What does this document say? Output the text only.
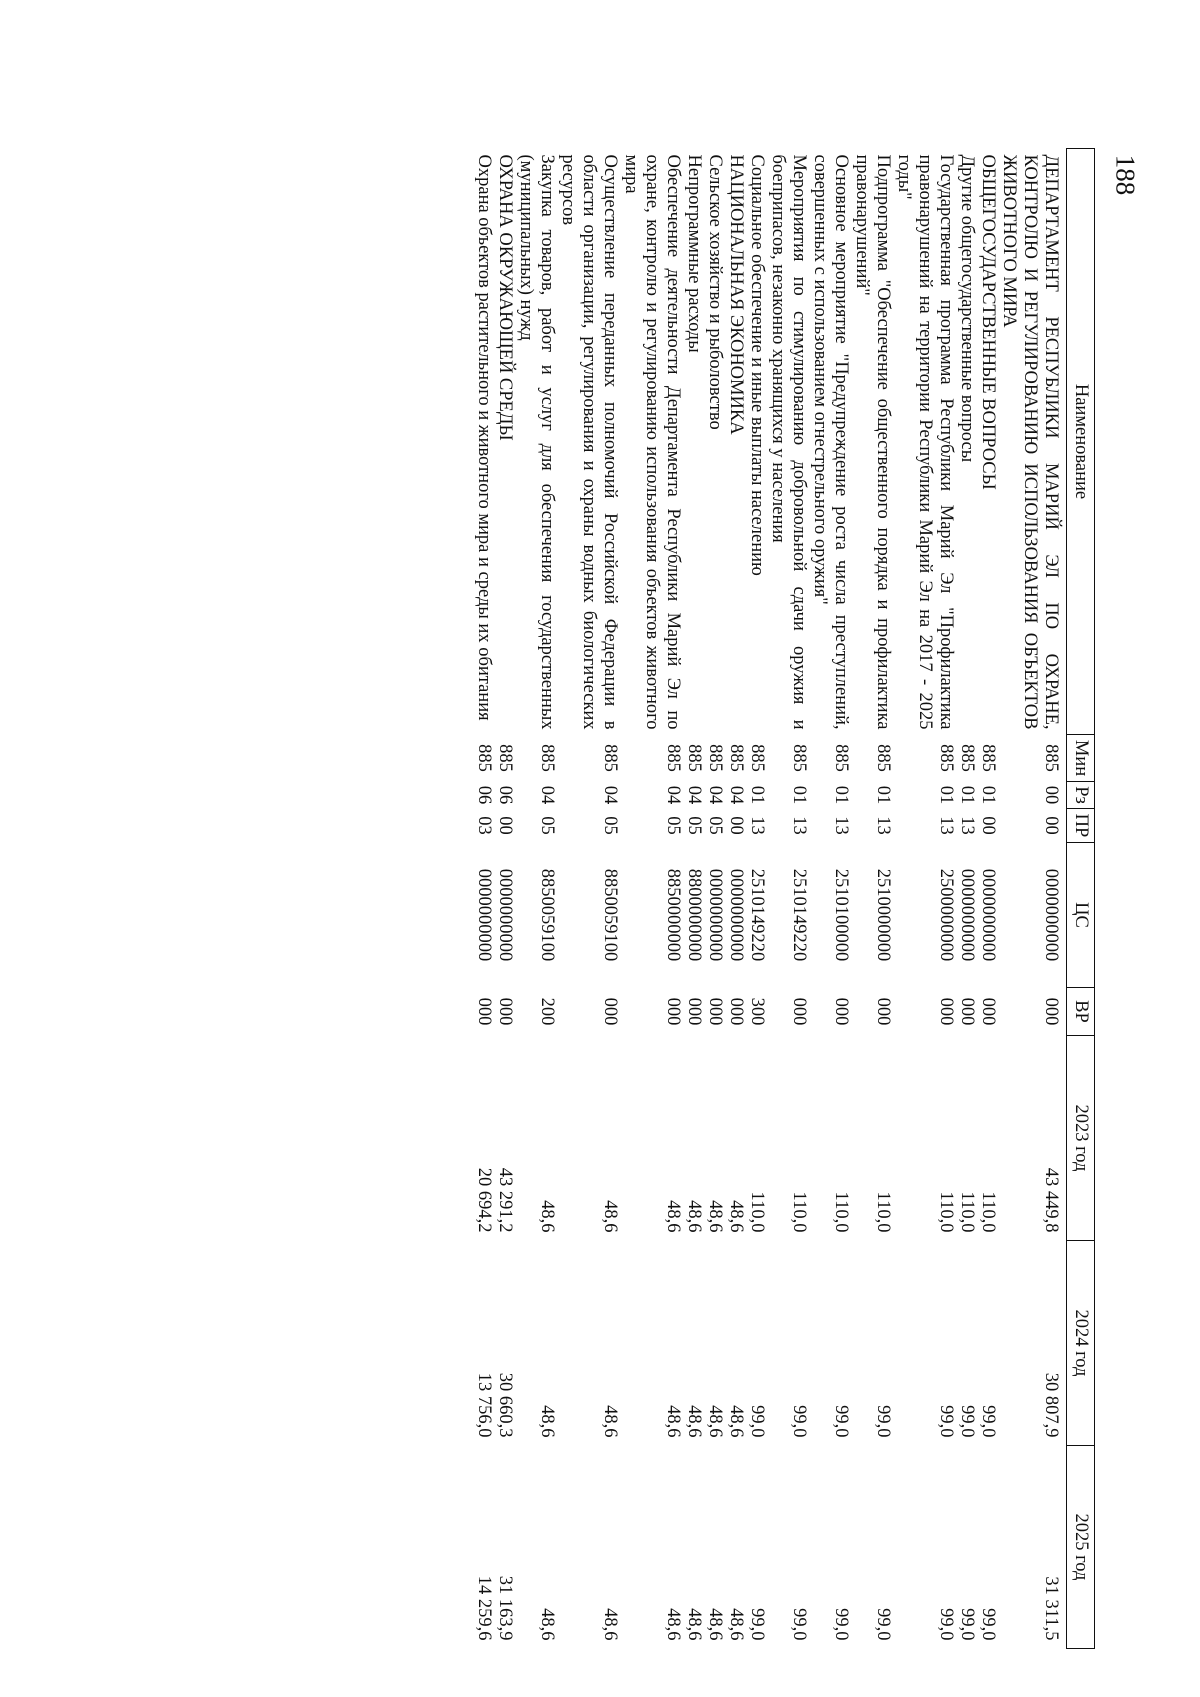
188
Наименование	Мин	Рз	ПР	ЦС	ВР	2023 год	2024 год	2025 год
ДЕПАРТАМЕНТ РЕСПУБЛИКИ МАРИЙ ЭЛ ПО ОХРАНЕ, КОНТРОЛЮ И РЕГУЛИРОВАНИЮ ИСПОЛЬЗОВАНИЯ ОБЪЕКТОВ ЖИВОТНОГО МИРА	885	00	00	0000000000	000	43 449,8	30 807,9	31 311,5
ОБЩЕГОСУДАРСТВЕННЫЕ ВОПРОСЫ	885	01	00	0000000000	000	110,0	99,0	99,0
Другие общегосударственные вопросы	885	01	13	0000000000	000	110,0	99,0	99,0
Государственная программа Республики Марий Эл "Профилактика правонарушений на территории Республики Марий Эл на 2017 - 2025 годы"	885	01	13	2500000000	000	110,0	99,0	99,0
Подпрограмма "Обеспечение общественного порядка и профилактика правонарушений"	885	01	13	2510000000	000	110,0	99,0	99,0
Основное мероприятие "Предупреждение роста числа преступлений, совершенных с использованием огнестрельного оружия"	885	01	13	2510100000	000	110,0	99,0	99,0
Мероприятия по стимулированию добровольной сдачи оружия и боеприпасов, незаконно хранящихся у населения	885	01	13	2510149220	000	110,0	99,0	99,0
Социальное обеспечение и иные выплаты населению	885	01	13	2510149220	300	110,0	99,0	99,0
НАЦИОНАЛЬНАЯ ЭКОНОМИКА	885	04	00	0000000000	000	48,6	48,6	48,6
Сельское хозяйство и рыболовство	885	04	05	0000000000	000	48,6	48,6	48,6
Непрограммные расходы	885	04	05	8800000000	000	48,6	48,6	48,6
Обеспечение деятельности Департамента Республики Марий Эл по охране, контролю и регулированию использования объектов животного мира	885	04	05	8850000000	000	48,6	48,6	48,6
Осуществление переданных полномочий Российской Федерации в области организации, регулирования и охраны водных биологических ресурсов	885	04	05	8850059100	000	48,6	48,6	48,6
Закупка товаров, работ и услуг для обеспечения государственных (муниципальных) нужд	885	04	05	8850059100	200	48,6	48,6	48,6
ОХРАНА ОКРУЖАЮЩЕЙ СРЕДЫ	885	06	00	0000000000	000	43 291,2	30 660,3	31 163,9
Охрана объектов растительного и животного мира и среды их обитания	885	06	03	0000000000	000	20 694,2	13 756,0	14 259,6
